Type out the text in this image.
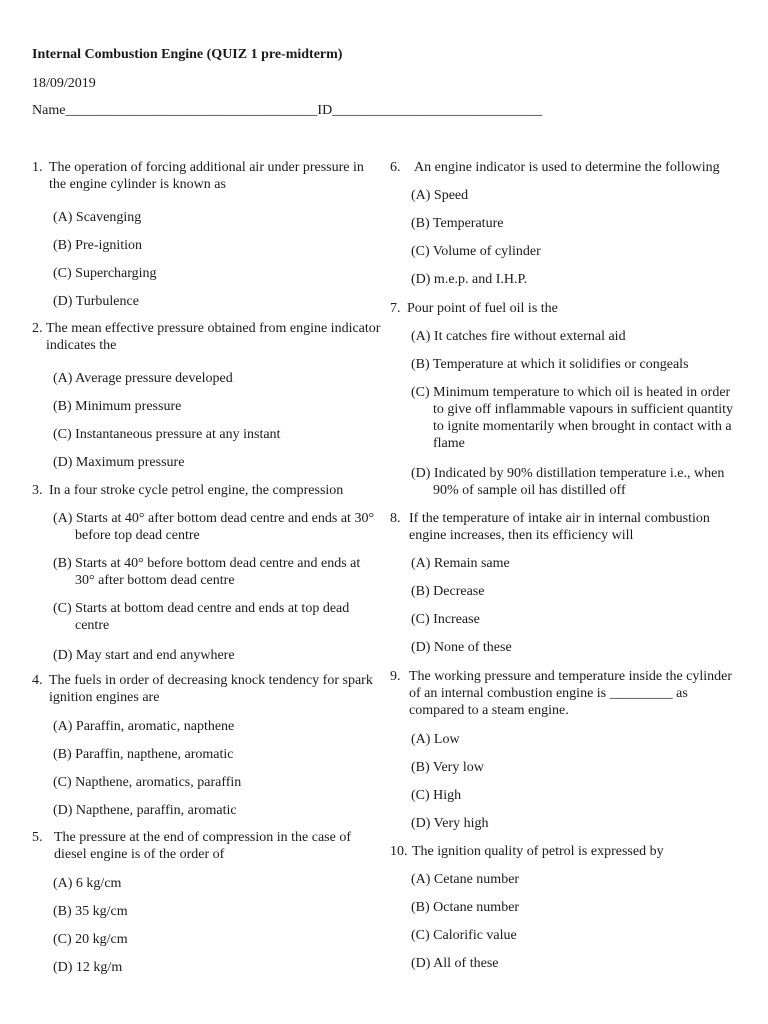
Internal Combustion Engine (QUIZ 1 pre-midterm)
18/09/2019
Name____________________________________ID______________________________
1. The operation of forcing additional air under pressure in
the engine cylinder is known as
(A) Scavenging
(B) Pre-ignition
(C) Supercharging
(D) Turbulence
2. The mean effective pressure obtained from engine indicator
indicates the
(A) Average pressure developed
(B) Minimum pressure
(C) Instantaneous pressure at any instant
(D) Maximum pressure
3. In a four stroke cycle petrol engine, the compression
(A) Starts at 40° after bottom dead centre and ends at 30°
before top dead centre
(B) Starts at 40° before bottom dead centre and ends at
30° after bottom dead centre
(C) Starts at bottom dead centre and ends at top dead
centre
(D) May start and end anywhere
4. The fuels in order of decreasing knock tendency for spark
ignition engines are
(A) Paraffin, aromatic, napthene
(B) Paraffin, napthene, aromatic
(C) Napthene, aromatics, paraffin
(D) Napthene, paraffin, aromatic
5. The pressure at the end of compression in the case of
diesel engine is of the order of
(A) 6 kg/cm
(B) 35 kg/cm
(C) 20 kg/cm
(D) 12 kg/m
6. An engine indicator is used to determine the following
(A) Speed
(B) Temperature
(C) Volume of cylinder
(D) m.e.p. and I.H.P.
7. Pour point of fuel oil is the
(A) It catches fire without external aid
(B) Temperature at which it solidifies or congeals
(C) Minimum temperature to which oil is heated in order
to give off inflammable vapours in sufficient quantity
to ignite momentarily when brought in contact with a
flame
(D) Indicated by 90% distillation temperature i.e., when
90% of sample oil has distilled off
8. If the temperature of intake air in internal combustion
engine increases, then its efficiency will
(A) Remain same
(B) Decrease
(C) Increase
(D) None of these
9. The working pressure and temperature inside the cylinder
of an internal combustion engine is _________ as
compared to a steam engine.
(A) Low
(B) Very low
(C) High
(D) Very high
10. The ignition quality of petrol is expressed by
(A) Cetane number
(B) Octane number
(C) Calorific value
(D) All of these
